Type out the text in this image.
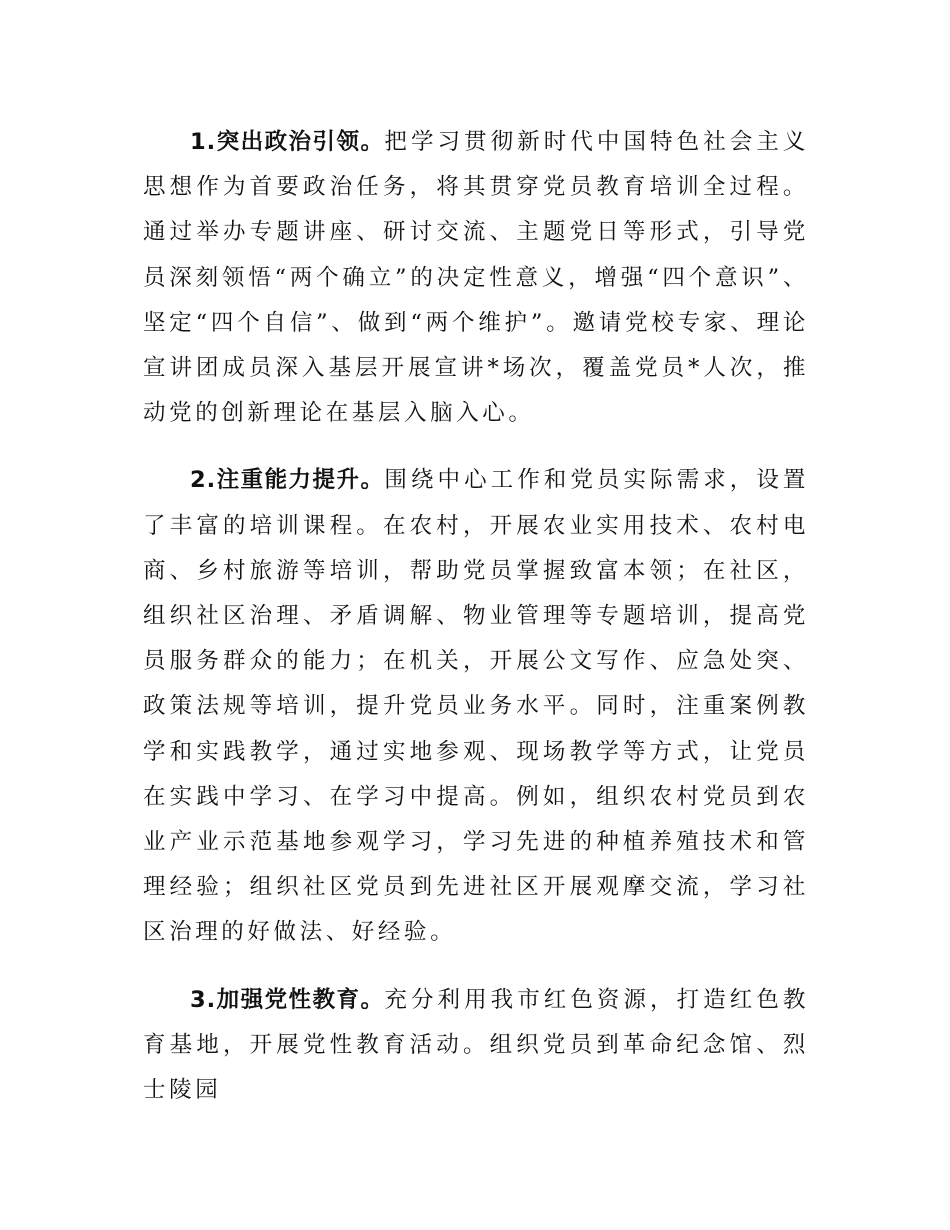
1.突出政治引领。把学习贯彻新时代中国特色社会主义思想作为首要政治任务，将其贯穿党员教育培训全过程。通过举办专题讲座、研讨交流、主题党日等形式，引导党员深刻领悟“两个确立”的决定性意义，增强“四个意识”、坚定“四个自信”、做到“两个维护”。邀请党校专家、理论宣讲团成员深入基层开展宣讲*场次，覆盖党员*人次，推动党的创新理论在基层入脑入心。

2.注重能力提升。围绕中心工作和党员实际需求，设置了丰富的培训课程。在农村，开展农业实用技术、农村电商、乡村旅游等培训，帮助党员掌握致富本领；在社区，组织社区治理、矛盾调解、物业管理等专题培训，提高党员服务群众的能力；在机关，开展公文写作、应急处突、政策法规等培训，提升党员业务水平。同时，注重案例教学和实践教学，通过实地参观、现场教学等方式，让党员在实践中学习、在学习中提高。例如，组织农村党员到农业产业示范基地参观学习，学习先进的种植养殖技术和管理经验；组织社区党员到先进社区开展观摩交流，学习社区治理的好做法、好经验。

3.加强党性教育。充分利用我市红色资源，打造红色教育基地，开展党性教育活动。组织党员到革命纪念馆、烈士陵园
